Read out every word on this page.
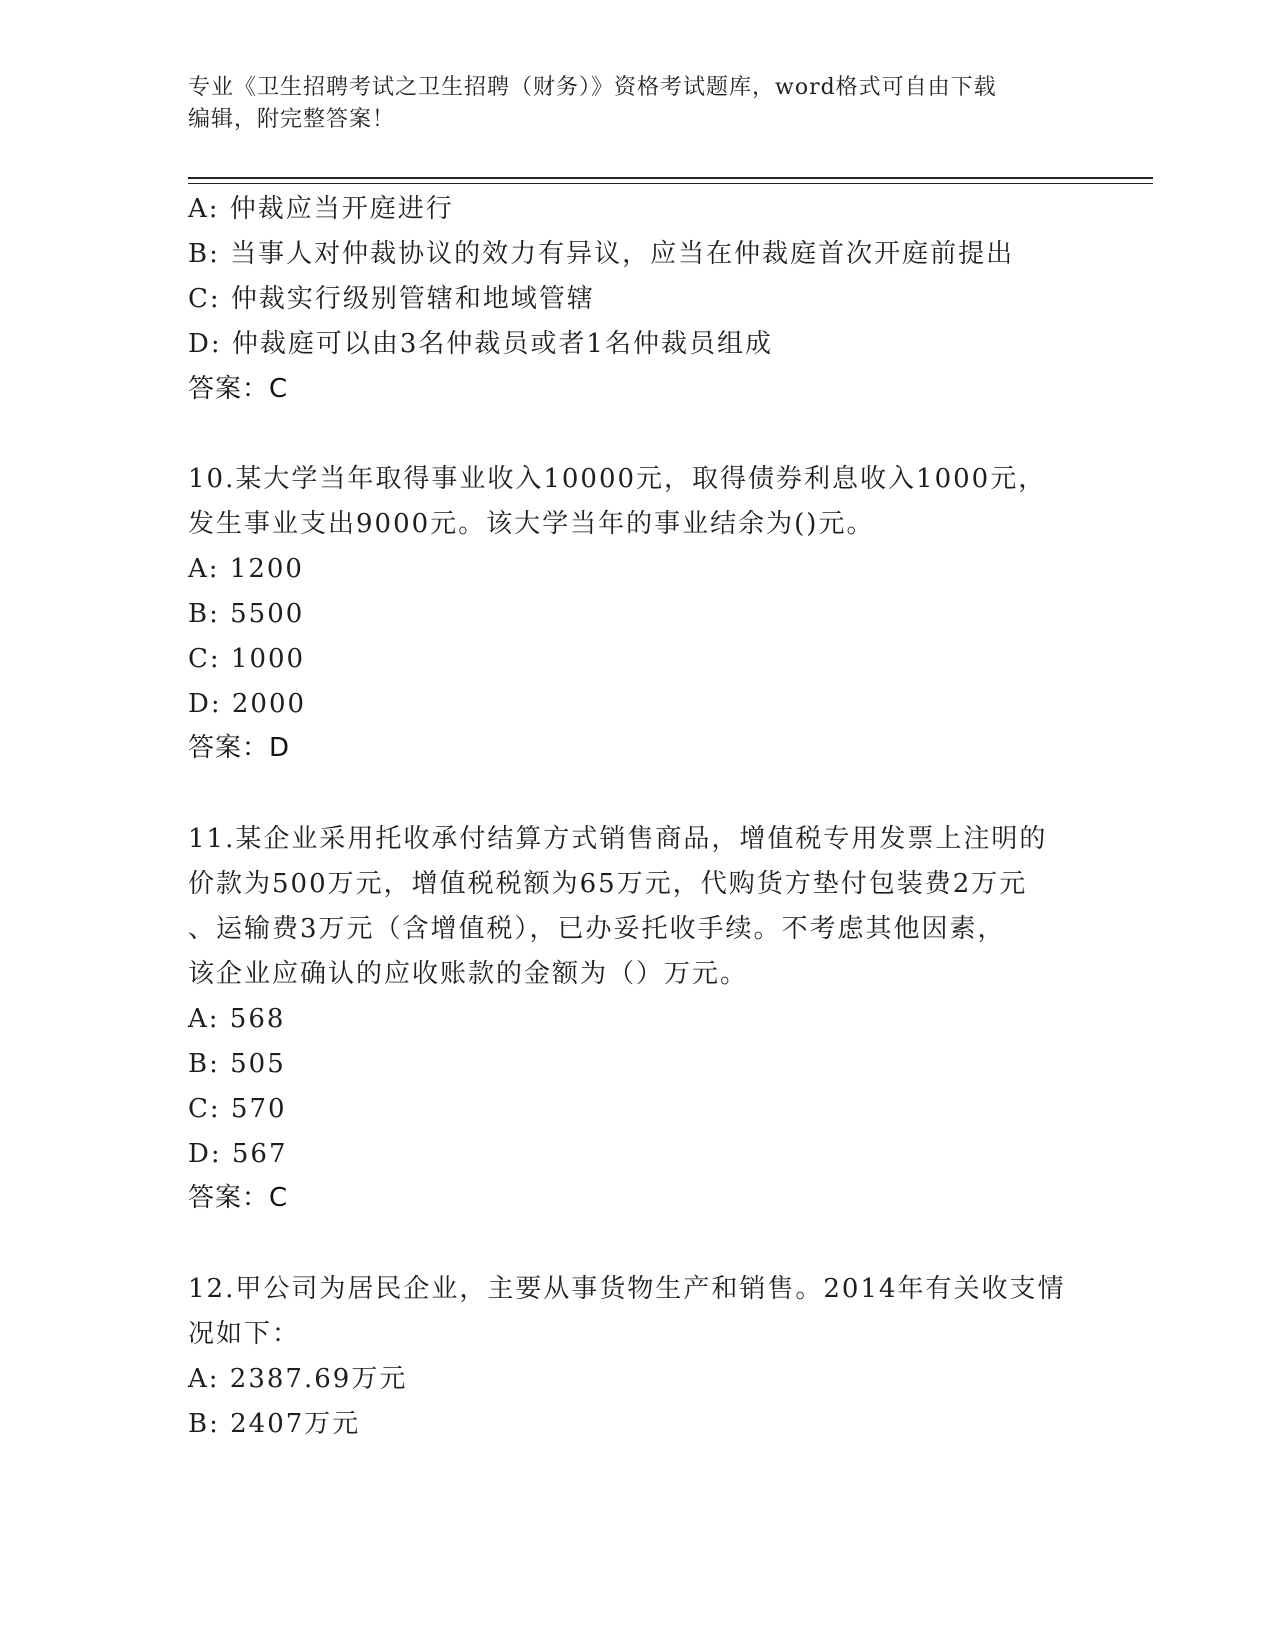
专业《卫生招聘考试之卫生招聘（财务）》资格考试题库，word格式可自由下载
编辑，附完整答案！
A: 仲裁应当开庭进行
B: 当事人对仲裁协议的效力有异议，应当在仲裁庭首次开庭前提出
C: 仲裁实行级别管辖和地域管辖
D: 仲裁庭可以由3名仲裁员或者1名仲裁员组成
答案：C
10.某大学当年取得事业收入10000元，取得债券利息收入1000元，
发生事业支出9000元。该大学当年的事业结余为()元。
A: 1200
B: 5500
C: 1000
D: 2000
答案：D
11.某企业采用托收承付结算方式销售商品，增值税专用发票上注明的
价款为500万元，增值税税额为65万元，代购货方垫付包装费2万元
、运输费3万元（含增值税），已办妥托收手续。不考虑其他因素，
该企业应确认的应收账款的金额为（）万元。
A: 568
B: 505
C: 570
D: 567
答案：C
12.甲公司为居民企业，主要从事货物生产和销售。2014年有关收支情
况如下：
A: 2387.69万元
B: 2407万元
